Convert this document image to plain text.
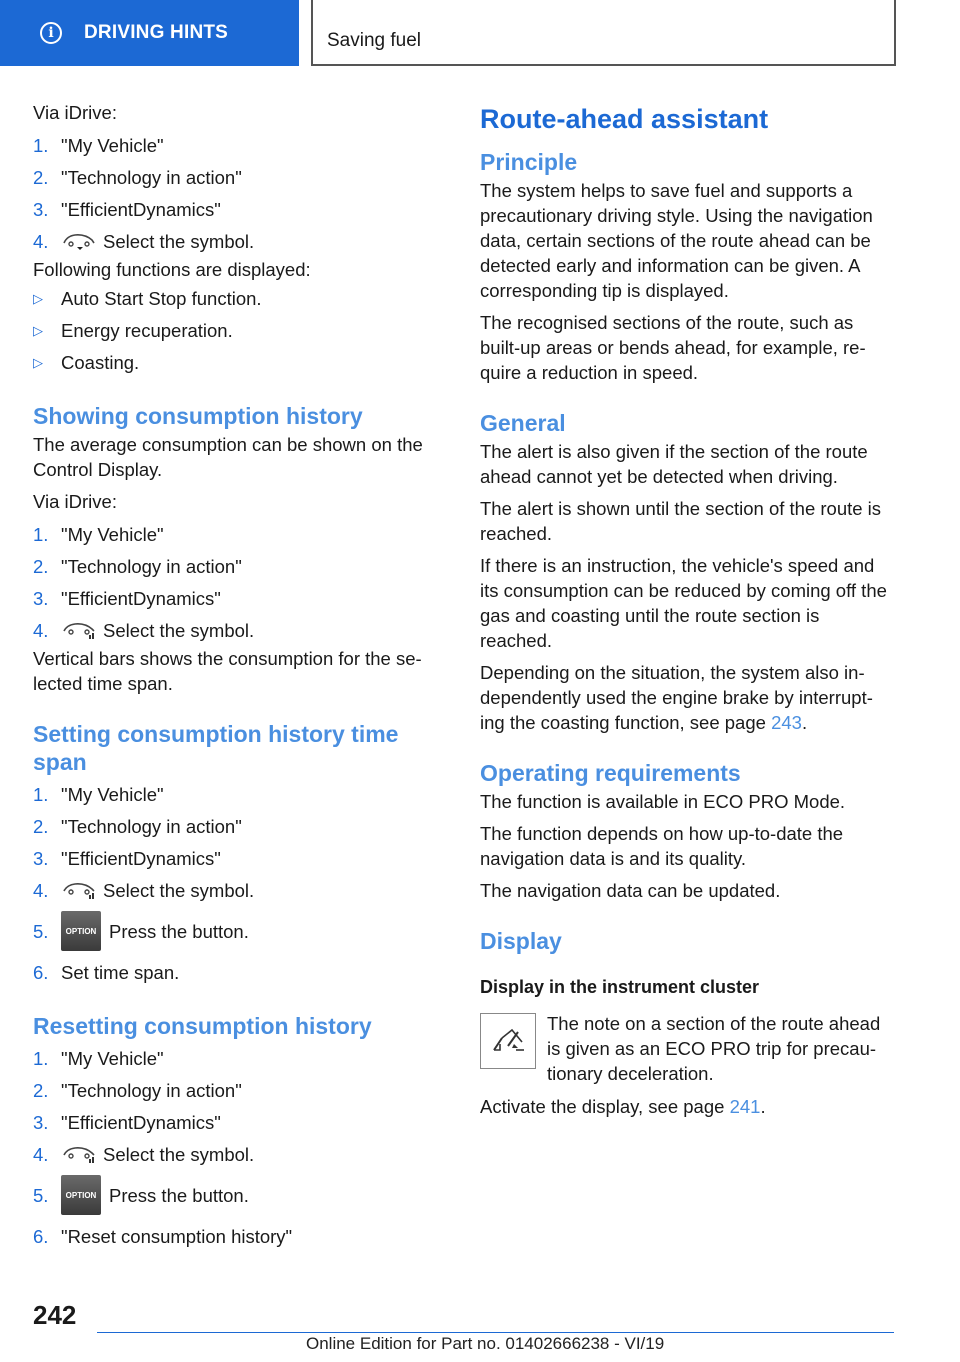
i	DRIVING HINTS	Saving fuel

Via iDrive:

1. "My Vehicle"
2. "Technology in action"
3. "EfficientDynamics"
4.	Select the symbol.

Following functions are displayed:

▷ Auto Start Stop function.
▷ Energy recuperation.
▷ Coasting.
Showing consumption history

The average consumption can be shown on the Control Display.

Via iDrive:

1. "My Vehicle"
2. "Technology in action"
3. "EfficientDynamics"
4.	Select the symbol.

Vertical bars shows the consumption for the se-lected time span.

Setting consumption history time span
1. "My Vehicle"
2. "Technology in action"
3. "EfficientDynamics"
4.	Select the symbol.
5.	OPTION Press the button.
6. Set time span.
Resetting consumption history
1. "My Vehicle"
2. "Technology in action"
3. "EfficientDynamics"
4.	Select the symbol.
5.	OPTION Press the button.
6. "Reset consumption history"
Route-ahead assistant
Principle

The system helps to save fuel and supports a precautionary driving style. Using the navigation data, certain sections of the route ahead can be detected early and information can be given. A corresponding tip is displayed.

The recognised sections of the route, such as built-up areas or bends ahead, for example, re-quire a reduction in speed.

General

The alert is also given if the section of the route ahead cannot yet be detected when driving.

The alert is shown until the section of the route is reached.

If there is an instruction, the vehicle's speed and its consumption can be reduced by coming off the gas and coasting until the route section is reached.

Depending on the situation, the system also in-dependently used the engine brake by interrupt-ing the coasting function, see page 243.

Operating requirements

The function is available in ECO PRO Mode.

The function depends on how up-to-date the navigation data is and its quality.

The navigation data can be updated.

Display
Display in the instrument cluster

The note on a section of the route ahead is given as an ECO PRO trip for precau-tionary deceleration.

Activate the display, see page 241.

242
Online Edition for Part no. 01402666238 - VI/19
